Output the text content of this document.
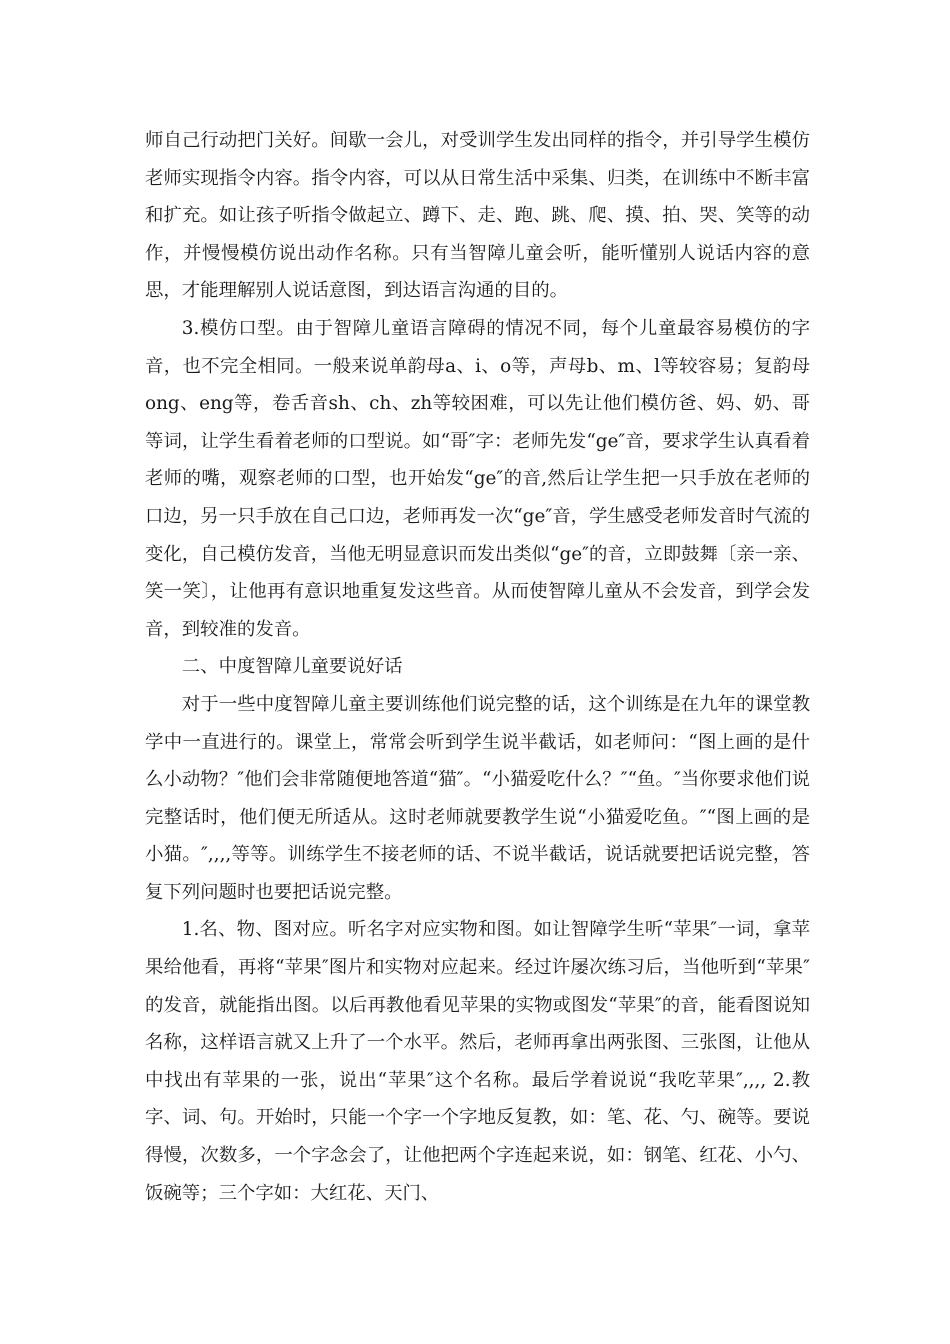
师自己行动把门关好。间歇一会儿，对受训学生发出同样的指令，并引导学生模仿老师实现指令内容。指令内容，可以从日常生活中采集、归类，在训练中不断丰富和扩充。如让孩子听指令做起立、蹲下、走、跑、跳、爬、摸、拍、哭、笑等的动作，并慢慢模仿说出动作名称。只有当智障儿童会听，能听懂别人说话内容的意思，才能理解别人说话意图，到达语言沟通的目的。

3.模仿口型。由于智障儿童语言障碍的情况不同，每个儿童最容易模仿的字音，也不完全相同。一般来说单韵母a、i、o等，声母b、m、l等较容易；复韵母ong、eng等，卷舌音sh、ch、zh等较困难，可以先让他们模仿爸、妈、奶、哥等词，让学生看着老师的口型说。如“哥″字：老师先发“ge″音，要求学生认真看着老师的嘴，观察老师的口型，也开始发“ge″的音,然后让学生把一只手放在老师的口边，另一只手放在自己口边，老师再发一次“ge″音，学生感受老师发音时气流的变化，自己模仿发音，当他无明显意识而发出类似“ge″的音，立即鼓舞〔亲一亲、笑一笑〕，让他再有意识地重复发这些音。从而使智障儿童从不会发音，到学会发音，到较准的发音。

二、中度智障儿童要说好话

对于一些中度智障儿童主要训练他们说完整的话，这个训练是在九年的课堂教学中一直进行的。课堂上，常常会听到学生说半截话，如老师问：“图上画的是什么小动物？″他们会非常随便地答道“猫″。“小猫爱吃什么？″“鱼。″当你要求他们说完整话时，他们便无所适从。这时老师就要教学生说“小猫爱吃鱼。″“图上画的是小猫。″,,,,等等。训练学生不接老师的话、不说半截话，说话就要把话说完整，答复下列问题时也要把话说完整。

1.名、物、图对应。听名字对应实物和图。如让智障学生听“苹果″一词，拿苹果给他看，再将“苹果″图片和实物对应起来。经过许屡次练习后，当他听到“苹果″的发音，就能指出图。以后再教他看见苹果的实物或图发“苹果″的音，能看图说知名称，这样语言就又上升了一个水平。然后，老师再拿出两张图、三张图，让他从中找出有苹果的一张，说出“苹果″这个名称。最后学着说说“我吃苹果″,,,, 2.教字、词、句。开始时，只能一个字一个字地反复教，如：笔、花、勺、碗等。要说得慢，次数多，一个字念会了，让他把两个字连起来说，如：钢笔、红花、小勺、饭碗等；三个字如：大红花、天门、
